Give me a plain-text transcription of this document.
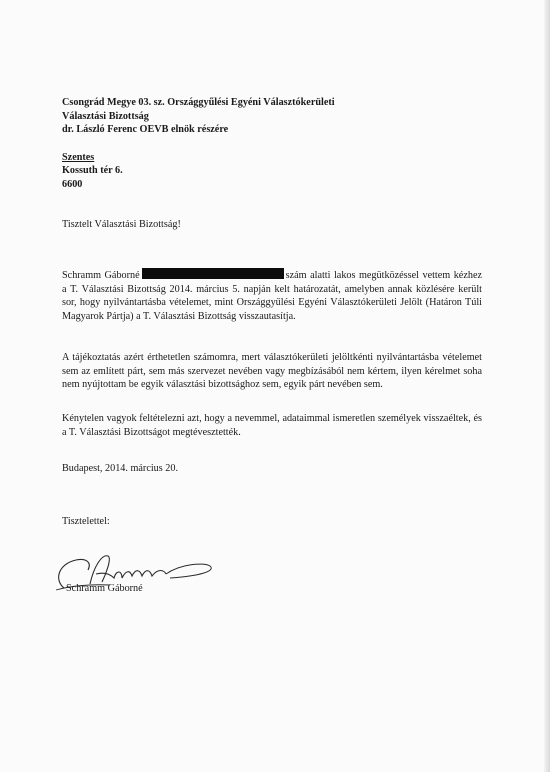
Csongrád Megye 03. sz. Országgyűlési Egyéni Választókerületi
Választási Bizottság
dr. László Ferenc OEVB elnök részére
Szentes
Kossuth tér 6.
6600
Tisztelt Választási Bizottság!
Schramm Gáborné	szám alatti lakos megütközéssel vettem kézhez a T. Választási Bizottság 2014. március 5. napján kelt határozatát, amelyben annak közlésére került sor, hogy nyilvántartásba vételemet, mint Országgyűlési Egyéni Választókerületi Jelölt (Határon Túli Magyarok Pártja) a T. Választási Bizottság visszautasítja.
A tájékoztatás azért érthetetlen számomra, mert választókerületi jelöltkénti nyilvántartásba vételemet sem az említett párt, sem más szervezet nevében vagy megbízásából nem kértem, ilyen kérelmet soha nem nyújtottam be egyik választási bizottsághoz sem, egyik párt nevében sem.
Kénytelen vagyok feltételezni azt, hogy a nevemmel, adataimmal ismeretlen személyek visszaéltek, és a T. Választási Bizottságot megtévesztették.
Budapest, 2014. március 20.
Tisztelettel:
Schramm Gáborné
